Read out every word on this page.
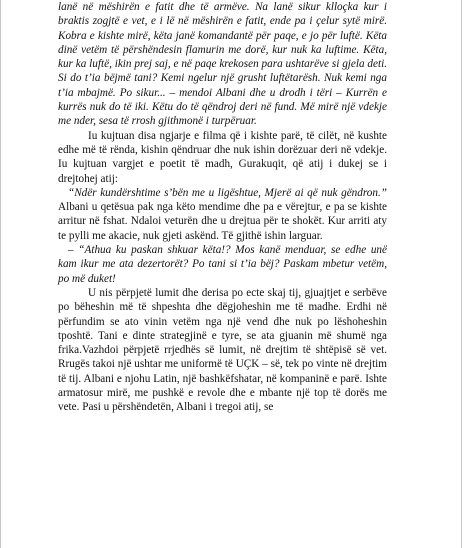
lanë në mëshirën e fatit dhe të armëve. Na lanë sikur klloçka kur i braktis zogjtë e vet, e i lë në mëshirën e fatit, ende pa i çelur sytë mirë. Kobra e kishte mirë, këta janë komandantë për paqe, e jo për luftë. Këta dinë vetëm të përshëndesin flamurin me dorë, kur nuk ka luftime. Këta, kur ka luftë, ikin prej saj, e në paqe krekosen para ushtarëve si gjela deti. Si do t’ia bëjmë tani? Kemi ngelur një grusht luftëtarësh. Nuk kemi nga t’ia mbajmë. Po sikur... – mendoi Albani dhe u drodh i tëri – Kurrën e kurrës nuk do të iki. Këtu do të qëndroj deri në fund. Më mirë një vdekje me nder, sesa të rrosh gjithmonë i turpëruar.

Iu kujtuan disa ngjarje e filma që i kishte parë, të cilët, në kushte edhe më të rënda, kishin qëndruar dhe nuk ishin dorëzuar deri në vdekje. Iu kujtuan vargjet e poetit të madh, Gurakuqit, që atij i dukej se i drejtohej atij:

“Ndër kundërshtime s’bën me u ligështue, Mjerë ai që nuk gëndron.” Albani u qetësua pak nga këto mendime dhe pa e vërejtur, e pa se kishte arritur në fshat. Ndaloi veturën dhe u drejtua për te shokët. Kur arriti aty te pylli me akacie, nuk gjeti askënd. Të gjithë ishin larguar.

– “Athua ku paskan shkuar këta!? Mos kanë menduar, se edhe unë kam ikur me ata dezertorët? Po tani si t’ia bëj? Paskam mbetur vetëm, po më duket!

U nis përpjetë lumit dhe derisa po ecte skaj tij, gjuajtjet e serbëve po bëheshin më të shpeshta dhe dëgjoheshin me të madhe. Erdhi në përfundim se ato vinin vetëm nga një vend dhe nuk po lëshoheshin tposhtë. Tani e dinte strategjinë e tyre, se ata gjuanin më shumë nga frika.Vazhdoi përpjetë rrjedhës së lumit, në drejtim të shtëpisë së vet. Rrugës takoi një ushtar me uniformë të UÇK – së, tek po vinte në drejtim të tij. Albani e njohu Latin, një bashkëfshatar, në kompaninë e parë. Ishte armatosur mirë, me pushkë e revole dhe e mbante një top të dorës me vete. Pasi u përshëndetën, Albani i tregoi atij, se
